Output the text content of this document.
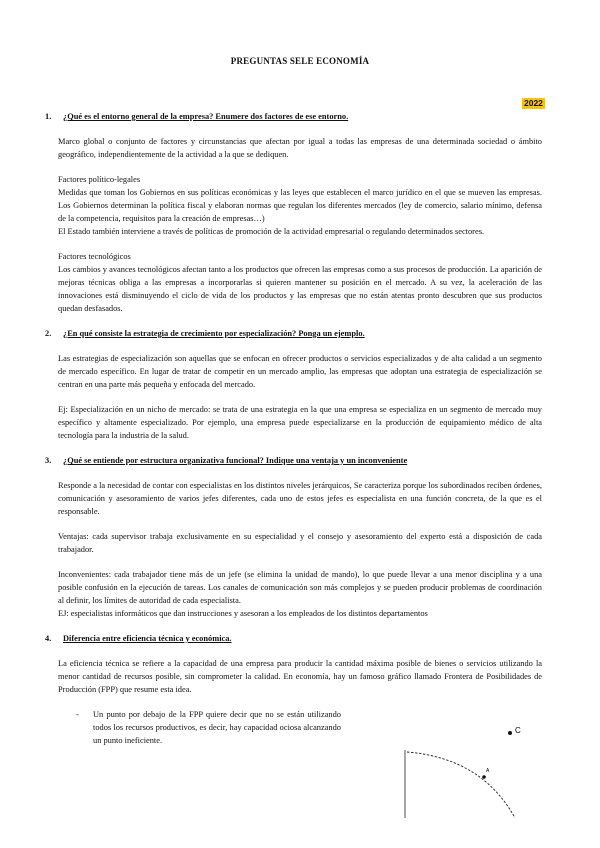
PREGUNTAS SELE ECONOMÍA
2022
1.	¿Qué es el entorno general de la empresa? Enumere dos factores de ese entorno.
Marco global o conjunto de factores y circunstancias que afectan por igual a todas las empresas de una determinada sociedad o ámbito geográfico, independientemente de la actividad a la que se dediquen.
Factores político-legales
Medidas que toman los Gobiernos en sus políticas económicas y las leyes que establecen el marco jurídico en el que se mueven las empresas. Los Gobiernos determinan la política fiscal y elaboran normas que regulan los diferentes mercados (ley de comercio, salario mínimo, defensa de la competencia, requisitos para la creación de empresas…)
El Estado también interviene a través de políticas de promoción de la actividad empresarial o regulando determinados sectores.
Factores tecnológicos
Los cambios y avances tecnológicos afectan tanto a los productos que ofrecen las empresas como a sus procesos de producción. La aparición de mejoras técnicas obliga a las empresas a incorporarlas si quieren mantener su posición en el mercado. A su vez, la aceleración de las innovaciones está disminuyendo el ciclo de vida de los productos y las empresas que no están atentas pronto descubren que sus productos quedan desfasados.
2.	¿En qué consiste la estrategia de crecimiento por especialización? Ponga un ejemplo.
Las estrategias de especialización son aquellas que se enfocan en ofrecer productos o servicios especializados y de alta calidad a un segmento de mercado específico. En lugar de tratar de competir en un mercado amplio, las empresas que adoptan una estrategia de especialización se centran en una parte más pequeña y enfocada del mercado.
Ej: Especialización en un nicho de mercado: se trata de una estrategia en la que una empresa se especializa en un segmento de mercado muy específico y altamente especializado. Por ejemplo, una empresa puede especializarse en la producción de equipamiento médico de alta tecnología para la industria de la salud.
3.	¿Qué se entiende por estructura organizativa funcional? Indique una ventaja y un inconveniente
Responde a la necesidad de contar con especialistas en los distintos niveles jerárquicos, Se caracteriza porque los subordinados reciben órdenes, comunicación y asesoramiento de varios jefes diferentes, cada uno de estos jefes es especialista en una función concreta, de la que es el responsable.
Ventajas: cada supervisor trabaja exclusivamente en su especialidad y el consejo y asesoramiento del experto está a disposición de cada trabajador.
Inconvenientes: cada trabajador tiene más de un jefe (se elimina la unidad de mando), lo que puede llevar a una menor disciplina y a una posible confusión en la ejecución de tareas. Los canales de comunicación son más complejos y se pueden producir problemas de coordinación al definir, los límites de autoridad de cada especialista.
EJ: especialistas informáticos que dan instrucciones y asesoran a los empleados de los distintos departamentos
4.	Diferencia entre eficiencia técnica y económica.
La eficiencia técnica se refiere a la capacidad de una empresa para producir la cantidad máxima posible de bienes o servicios utilizando la menor cantidad de recursos posible, sin comprometer la calidad. En economía, hay un famoso gráfico llamado Frontera de Posibilidades de Producción (FPP) que resume esta idea.
-	Un punto por debajo de la FPP quiere decir que no se están utilizando todos los recursos productivos, es decir, hay capacidad ociosa alcanzando un punto ineficiente.
C
A
